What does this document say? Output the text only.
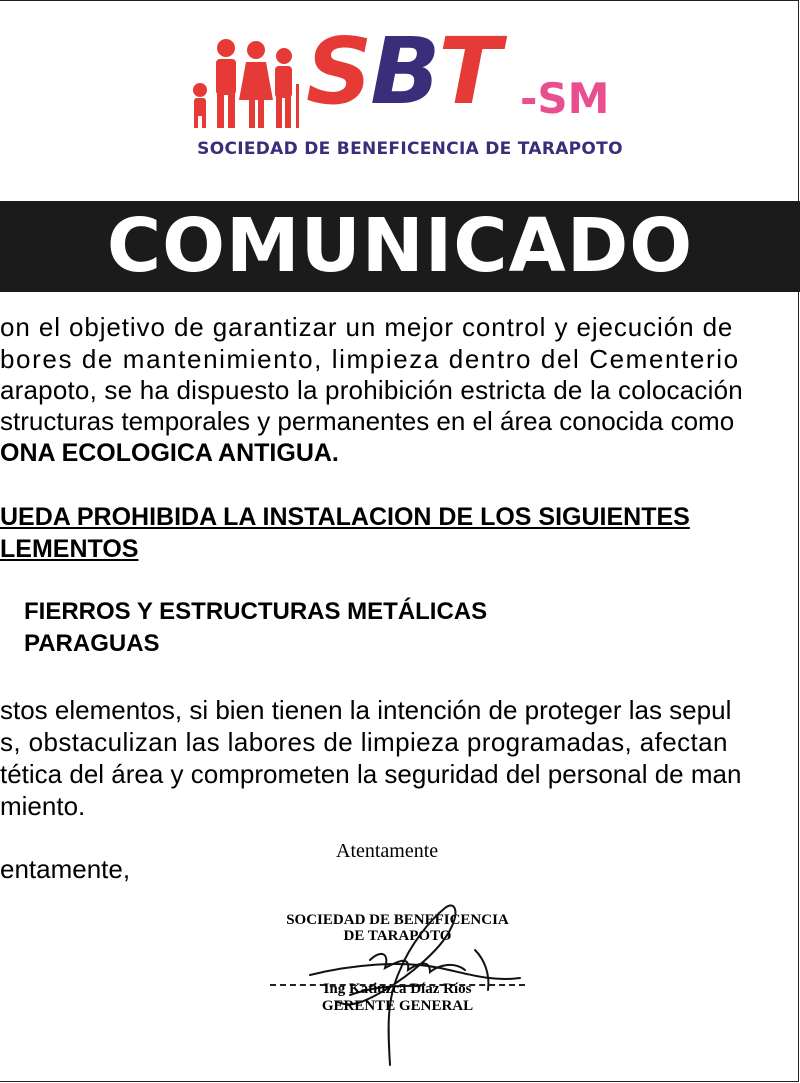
SBT -SM
SOCIEDAD DE BENEFICENCIA DE TARAPOTO
COMUNICADO
on el objetivo de garantizar un mejor control y ejecución de
bores de mantenimiento, limpieza dentro del Cementerio
arapoto, se ha dispuesto la prohibición estricta de la colocación
structuras temporales y permanentes en el área conocida como
ONA ECOLOGICA ANTIGUA.
UEDA PROHIBIDA LA INSTALACION DE LOS SIGUIENTES
LEMENTOS
FIERROS Y ESTRUCTURAS METÁLICAS
PARAGUAS
stos elementos, si bien tienen la intención de proteger las sepul
s, obstaculizan las labores de limpieza programadas, afectan
tética del área y comprometen la seguridad del personal de man
miento.
entamente,
Atentamente
SOCIEDAD DE BENEFICENCIA
DE TARAPOTO
Ing Katiuzca Díaz Ríos
GERENTE GENERAL
